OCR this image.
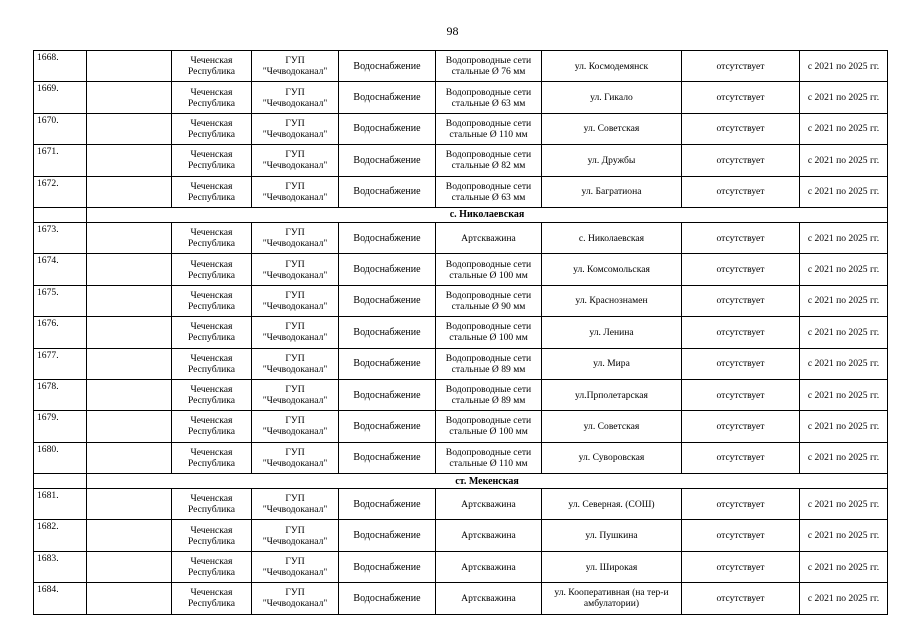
98
1668.		Чеченская Республика	ГУП "Чечводоканал"	Водоснабжение	Водопроводные сети стальные Ø 76 мм	ул. Космодемянск	отсутствует	с 2021 по 2025 гг.
1669.		Чеченская Республика	ГУП "Чечводоканал"	Водоснабжение	Водопроводные сети стальные Ø 63 мм	ул. Гикало	отсутствует	с 2021 по 2025 гг.
1670.		Чеченская Республика	ГУП "Чечводоканал"	Водоснабжение	Водопроводные сети стальные Ø 110 мм	ул. Советская	отсутствует	с 2021 по 2025 гг.
1671.		Чеченская Республика	ГУП "Чечводоканал"	Водоснабжение	Водопроводные сети стальные Ø 82 мм	ул. Дружбы	отсутствует	с 2021 по 2025 гг.
1672.		Чеченская Республика	ГУП "Чечводоканал"	Водоснабжение	Водопроводные сети стальные Ø 63 мм	ул. Багратиона	отсутствует	с 2021 по 2025 гг.
	с. Николаевская							
1673.		Чеченская Республика	ГУП "Чечводоканал"	Водоснабжение	Артскважина	с. Николаевская	отсутствует	с 2021 по 2025 гг.
1674.		Чеченская Республика	ГУП "Чечводоканал"	Водоснабжение	Водопроводные сети стальные Ø 100 мм	ул. Комсомольская	отсутствует	с 2021 по 2025 гг.
1675.		Чеченская Республика	ГУП "Чечводоканал"	Водоснабжение	Водопроводные сети стальные Ø 90 мм	ул. Краснознамен	отсутствует	с 2021 по 2025 гг.
1676.		Чеченская Республика	ГУП "Чечводоканал"	Водоснабжение	Водопроводные сети стальные Ø 100 мм	ул. Ленина	отсутствует	с 2021 по 2025 гг.
1677.		Чеченская Республика	ГУП "Чечводоканал"	Водоснабжение	Водопроводные сети стальные Ø 89 мм	ул. Мира	отсутствует	с 2021 по 2025 гг.
1678.		Чеченская Республика	ГУП "Чечводоканал"	Водоснабжение	Водопроводные сети стальные Ø 89 мм	ул.Прполетарская	отсутствует	с 2021 по 2025 гг.
1679.		Чеченская Республика	ГУП "Чечводоканал"	Водоснабжение	Водопроводные сети стальные Ø 100 мм	ул. Советская	отсутствует	с 2021 по 2025 гг.
1680.		Чеченская Республика	ГУП "Чечводоканал"	Водоснабжение	Водопроводные сети стальные Ø 110 мм	ул. Суворовская	отсутствует	с 2021 по 2025 гг.
	ст. Мекенская							
1681.		Чеченская Республика	ГУП "Чечводоканал"	Водоснабжение	Артскважина	ул. Северная. (СОШ)	отсутствует	с 2021 по 2025 гг.
1682.		Чеченская Республика	ГУП "Чечводоканал"	Водоснабжение	Артскважина	ул. Пушкина	отсутствует	с 2021 по 2025 гг.
1683.		Чеченская Республика	ГУП "Чечводоканал"	Водоснабжение	Артскважина	ул. Широкая	отсутствует	с 2021 по 2025 гг.
1684.		Чеченская Республика	ГУП "Чечводоканал"	Водоснабжение	Артскважина	ул. Кооперативная (на тер-и амбулатории)	отсутствует	с 2021 по 2025 гг.
